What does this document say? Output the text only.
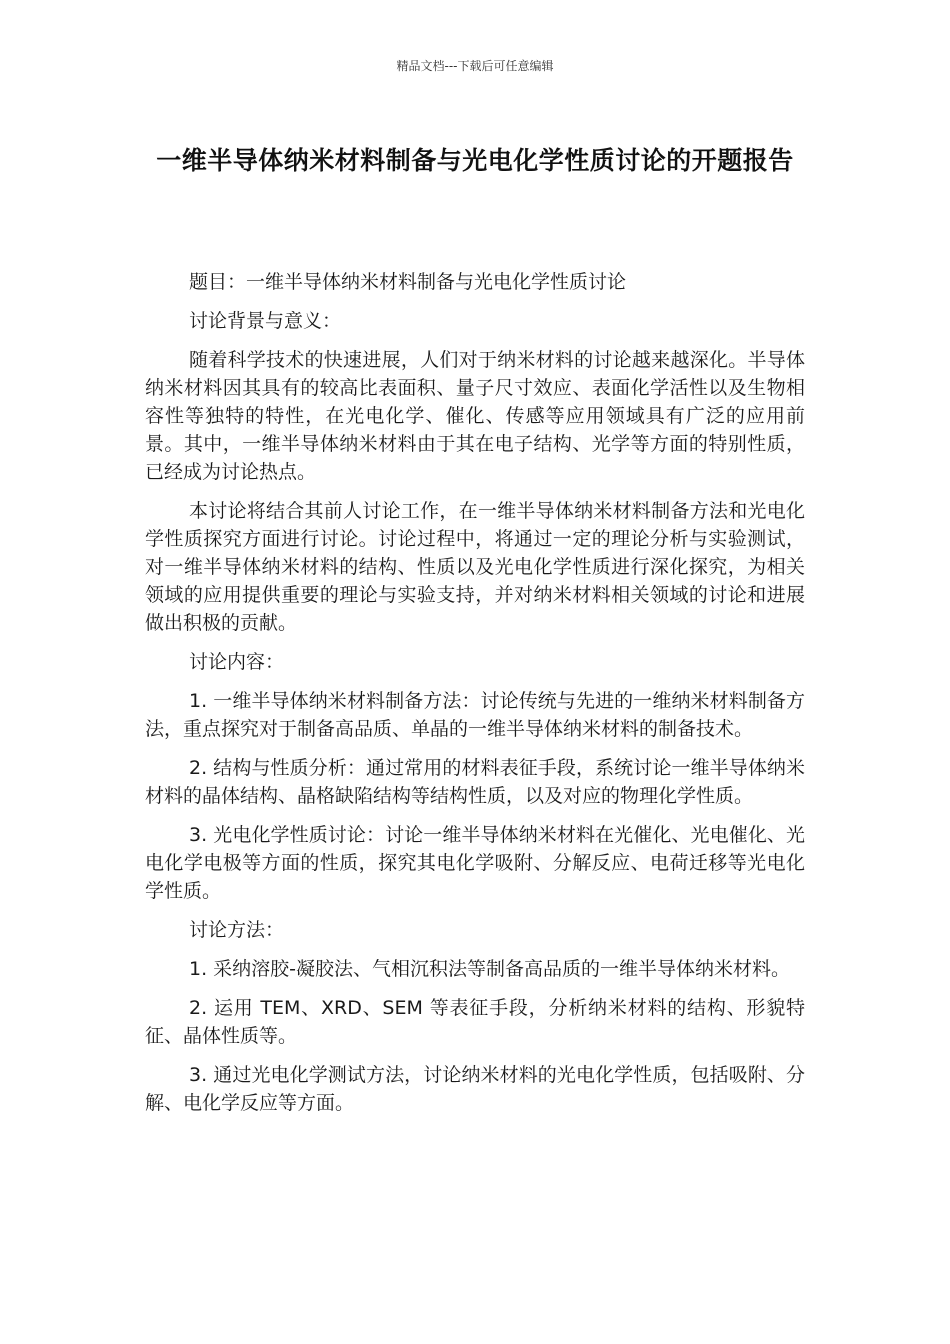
精品文档---下载后可任意编辑
一维半导体纳米材料制备与光电化学性质讨论的开题报告

题目：一维半导体纳米材料制备与光电化学性质讨论

讨论背景与意义：

随着科学技术的快速进展，人们对于纳米材料的讨论越来越深化。半导体纳米材料因其具有的较高比表面积、量子尺寸效应、表面化学活性以及生物相容性等独特的特性，在光电化学、催化、传感等应用领域具有广泛的应用前景。其中，一维半导体纳米材料由于其在电子结构、光学等方面的特别性质，已经成为讨论热点。

本讨论将结合其前人讨论工作，在一维半导体纳米材料制备方法和光电化学性质探究方面进行讨论。讨论过程中，将通过一定的理论分析与实验测试，对一维半导体纳米材料的结构、性质以及光电化学性质进行深化探究，为相关领域的应用提供重要的理论与实验支持，并对纳米材料相关领域的讨论和进展做出积极的贡献。

讨论内容：

1. 一维半导体纳米材料制备方法：讨论传统与先进的一维纳米材料制备方法，重点探究对于制备高品质、单晶的一维半导体纳米材料的制备技术。

2. 结构与性质分析：通过常用的材料表征手段，系统讨论一维半导体纳米材料的晶体结构、晶格缺陷结构等结构性质，以及对应的物理化学性质。

3. 光电化学性质讨论：讨论一维半导体纳米材料在光催化、光电催化、光电化学电极等方面的性质，探究其电化学吸附、分解反应、电荷迁移等光电化学性质。

讨论方法：

1. 采纳溶胶-凝胶法、气相沉积法等制备高品质的一维半导体纳米材料。

2. 运用 TEM、XRD、SEM 等表征手段，分析纳米材料的结构、形貌特征、晶体性质等。

3. 通过光电化学测试方法，讨论纳米材料的光电化学性质，包括吸附、分解、电化学反应等方面。
